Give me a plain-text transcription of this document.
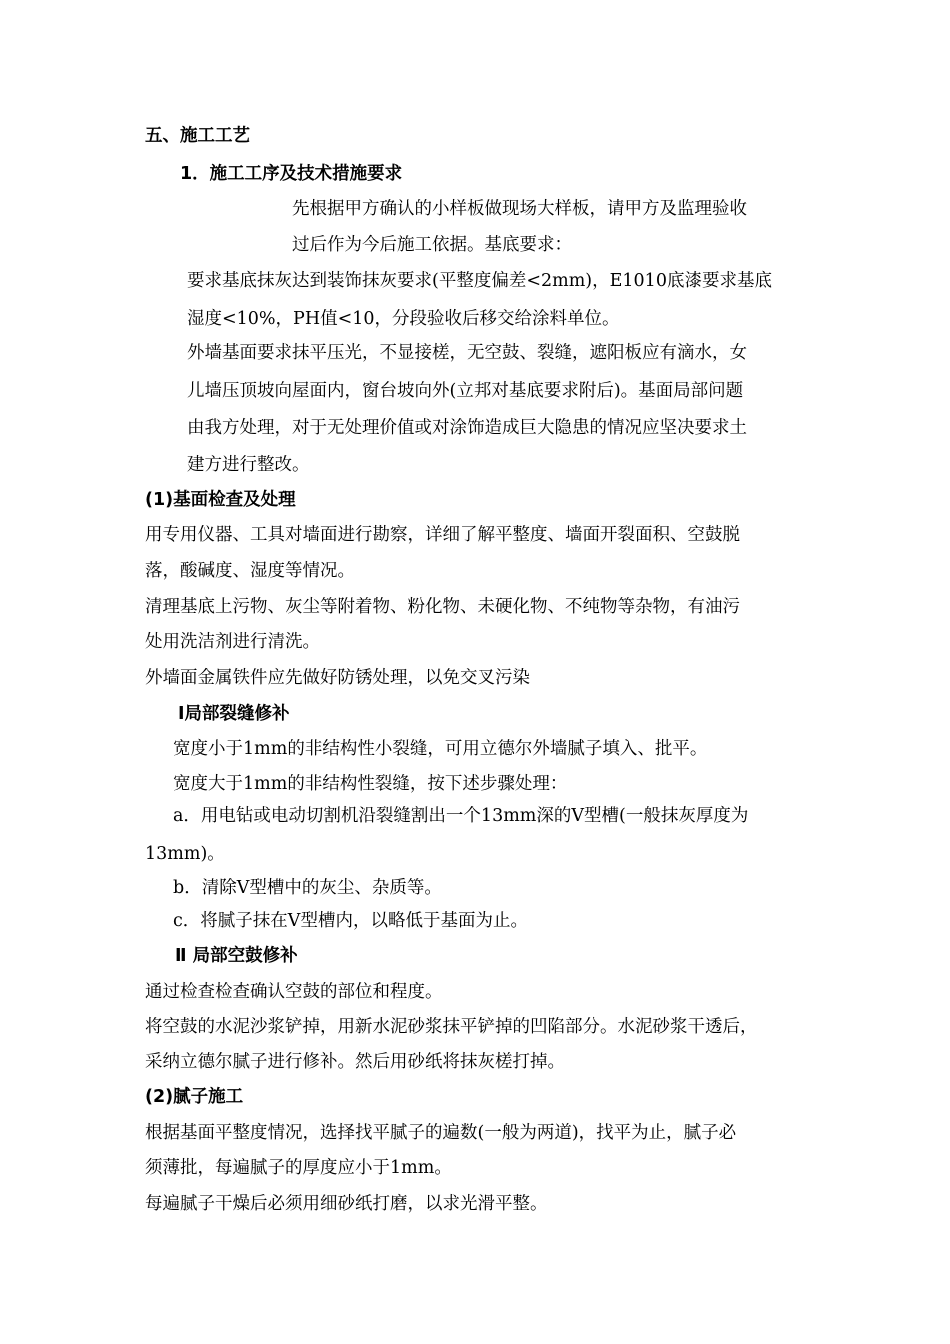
五、施工工艺
1．施工工序及技术措施要求
先根据甲方确认的小样板做现场大样板，请甲方及监理验收
过后作为今后施工依据。基底要求：
要求基底抹灰达到装饰抹灰要求(平整度偏差<2mm)，E1010底漆要求基底
湿度<10%，PH值<10，分段验收后移交给涂料单位。
外墙基面要求抹平压光，不显接槎，无空鼓、裂缝，遮阳板应有滴水，女
儿墙压顶坡向屋面内，窗台坡向外(立邦对基底要求附后)。基面局部问题
由我方处理，对于无处理价值或对涂饰造成巨大隐患的情况应坚决要求土
建方进行整改。
(1)基面检查及处理
用专用仪器、工具对墙面进行勘察，详细了解平整度、墙面开裂面积、空鼓脱
落，酸碱度、湿度等情况。
清理基底上污物、灰尘等附着物、粉化物、未硬化物、不纯物等杂物，有油污
处用洗洁剂进行清洗。
外墙面金属铁件应先做好防锈处理，以免交叉污染
Ⅰ局部裂缝修补
宽度小于1mm的非结构性小裂缝，可用立德尔外墙腻子填入、批平。
宽度大于1mm的非结构性裂缝，按下述步骤处理：
a．用电钻或电动切割机沿裂缝割出一个13mm深的V型槽(一般抹灰厚度为
13mm)。
b．清除V型槽中的灰尘、杂质等。
c．将腻子抹在V型槽内，以略低于基面为止。
Ⅱ 局部空鼓修补
通过检查检查确认空鼓的部位和程度。
将空鼓的水泥沙浆铲掉，用新水泥砂浆抹平铲掉的凹陷部分。水泥砂浆干透后，
采纳立德尔腻子进行修补。然后用砂纸将抹灰槎打掉。
(2)腻子施工
根据基面平整度情况，选择找平腻子的遍数(一般为两道)，找平为止，腻子必
须薄批，每遍腻子的厚度应小于1mm。
每遍腻子干燥后必须用细砂纸打磨，以求光滑平整。
